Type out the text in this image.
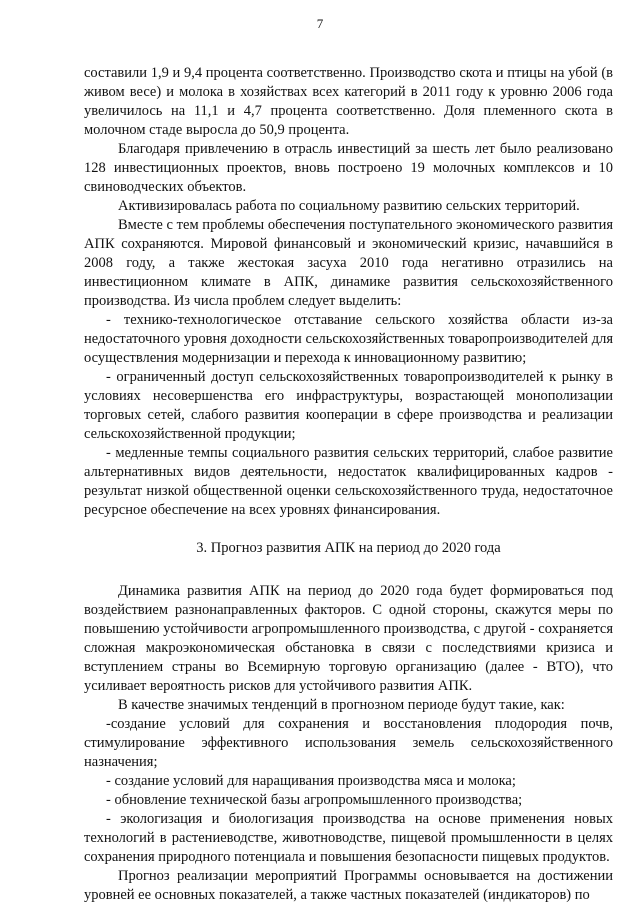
7

составили 1,9 и 9,4 процента соответственно. Производство скота и птицы на убой (в живом весе) и молока в хозяйствах всех категорий в 2011 году к уровню 2006 года увеличилось на 11,1 и 4,7 процента соответственно. Доля племенного скота в молочном стаде выросла до 50,9 процента.

Благодаря привлечению в отрасль инвестиций за шесть лет было реализовано 128 инвестиционных проектов, вновь построено 19 молочных комплексов и 10 свиноводческих объектов.

Активизировалась работа по социальному развитию сельских территорий.

Вместе с тем проблемы обеспечения поступательного экономического развития АПК сохраняются. Мировой финансовый и экономический кризис, начавшийся в 2008 году, а также жестокая засуха 2010 года негативно отразились на инвестиционном климате в АПК, динамике развития сельскохозяйственного производства. Из числа проблем следует выделить:

- технико-технологическое отставание сельского хозяйства области из-за недостаточного уровня доходности сельскохозяйственных товаропроизводителей для осуществления модернизации и перехода к инновационному развитию;

- ограниченный доступ сельскохозяйственных товаропроизводителей к рынку в условиях несовершенства его инфраструктуры, возрастающей монополизации торговых сетей, слабого развития кооперации в сфере производства и реализации сельскохозяйственной продукции;

- медленные темпы социального развития сельских территорий, слабое развитие альтернативных видов деятельности, недостаток квалифицированных кадров - результат низкой общественной оценки сельскохозяйственного труда, недостаточное ресурсное обеспечение на всех уровнях финансирования.

3. Прогноз развития АПК на период до 2020 года

Динамика развития АПК на период до 2020 года будет формироваться под воздействием разнонаправленных факторов. С одной стороны, скажутся меры по повышению устойчивости агропромышленного производства, с другой - сохраняется сложная макроэкономическая обстановка в связи с последствиями кризиса и вступлением страны во Всемирную торговую организацию (далее - ВТО), что усиливает вероятность рисков для устойчивого развития АПК.

В качестве значимых тенденций в прогнозном периоде будут такие, как:

-создание условий для сохранения и восстановления плодородия почв, стимулирование эффективного использования земель сельскохозяйственного назначения;

- создание условий для наращивания производства мяса и молока;

- обновление технической базы агропромышленного производства;

- экологизация и биологизация производства на основе применения новых технологий в растениеводстве, животноводстве, пищевой промышленности в целях сохранения природного потенциала и повышения безопасности пищевых продуктов.

Прогноз реализации мероприятий Программы основывается на достижении уровней ее основных показателей, а также частных показателей (индикаторов) по
